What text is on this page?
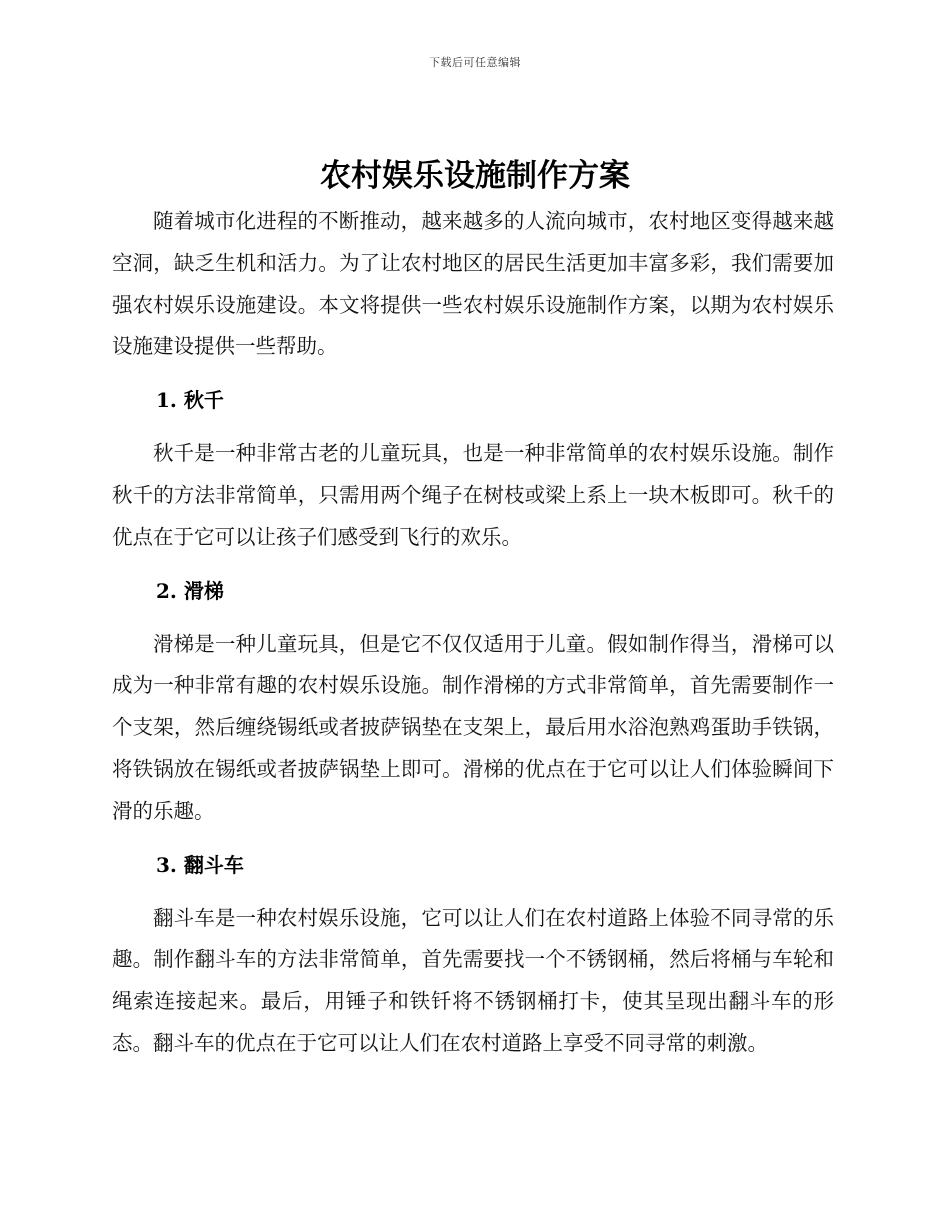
下载后可任意编辑
农村娱乐设施制作方案

随着城市化进程的不断推动，越来越多的人流向城市，农村地区变得越来越空洞，缺乏生机和活力。为了让农村地区的居民生活更加丰富多彩，我们需要加强农村娱乐设施建设。本文将提供一些农村娱乐设施制作方案，以期为农村娱乐设施建设提供一些帮助。

1. 秋千

秋千是一种非常古老的儿童玩具，也是一种非常简单的农村娱乐设施。制作秋千的方法非常简单，只需用两个绳子在树枝或梁上系上一块木板即可。秋千的优点在于它可以让孩子们感受到飞行的欢乐。

2. 滑梯

滑梯是一种儿童玩具，但是它不仅仅适用于儿童。假如制作得当，滑梯可以成为一种非常有趣的农村娱乐设施。制作滑梯的方式非常简单，首先需要制作一个支架，然后缠绕锡纸或者披萨锅垫在支架上，最后用水浴泡熟鸡蛋助手铁锅，将铁锅放在锡纸或者披萨锅垫上即可。滑梯的优点在于它可以让人们体验瞬间下滑的乐趣。

3. 翻斗车

翻斗车是一种农村娱乐设施，它可以让人们在农村道路上体验不同寻常的乐趣。制作翻斗车的方法非常简单，首先需要找一个不锈钢桶，然后将桶与车轮和绳索连接起来。最后，用锤子和铁钎将不锈钢桶打卡，使其呈现出翻斗车的形态。翻斗车的优点在于它可以让人们在农村道路上享受不同寻常的刺激。
